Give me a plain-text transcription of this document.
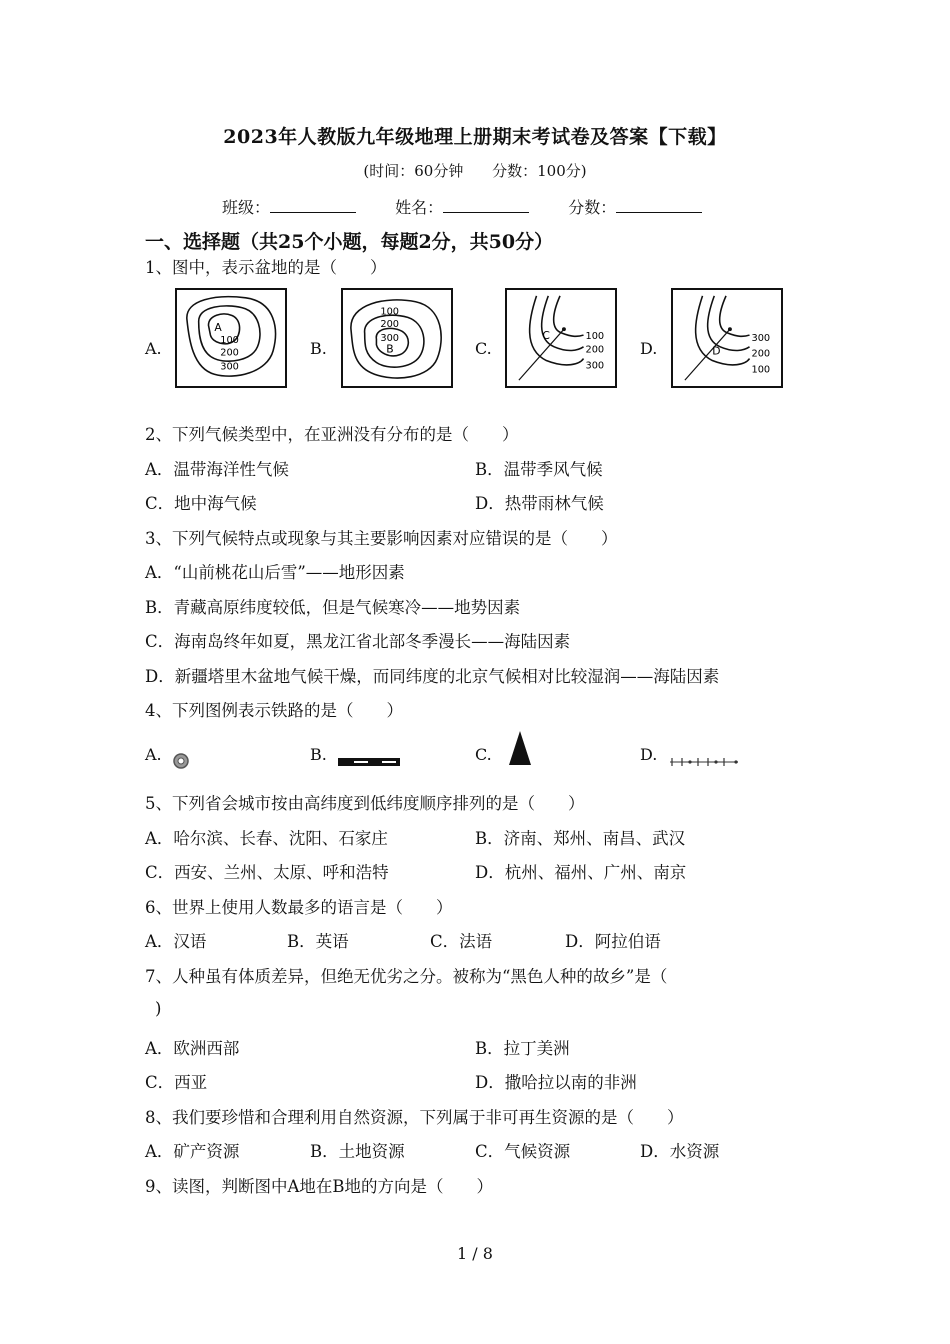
2023年人教版九年级地理上册期末考试卷及答案【下载】
(时间：60分钟 分数：100分)
班级：	姓名：	分数：
一、选择题（共25个小题，每题2分，共50分）
1、图中，表示盆地的是（　　）
A.	B.	C.	D.
A
100
200
300
100
200
300
B
C	100
200
300
D
300
200
100
2、下列气候类型中，在亚洲没有分布的是（　　）
A．温带海洋性气候	B．温带季风气候
C．地中海气候	D．热带雨林气候
3、下列气候特点或现象与其主要影响因素对应错误的是（　　）
A．“山前桃花山后雪”——地形因素
B．青藏高原纬度较低，但是气候寒冷——地势因素
C．海南岛终年如夏，黑龙江省北部冬季漫长——海陆因素
D．新疆塔里木盆地气候干燥，而同纬度的北京气候相对比较湿润——海陆因素
4、下列图例表示铁路的是（　　）
A.	B.	C.	D.
5、下列省会城市按由高纬度到低纬度顺序排列的是（　　）
A．哈尔滨、长春、沈阳、石家庄	B．济南、郑州、南昌、武汉
C．西安、兰州、太原、呼和浩特	D．杭州、福州、广州、南京
6、世界上使用人数最多的语言是（　　）
A．汉语	B．英语	C．法语	D．阿拉伯语
7、人种虽有体质差异，但绝无优劣之分。被称为“黑色人种的故乡”是（
)
A．欧洲西部	B．拉丁美洲
C．西亚	D．撒哈拉以南的非洲
8、我们要珍惜和合理利用自然资源，下列属于非可再生资源的是（　　）
A．矿产资源	B．土地资源	C．气候资源	D．水资源
9、读图，判断图中A地在B地的方向是（　　）
1 / 8
